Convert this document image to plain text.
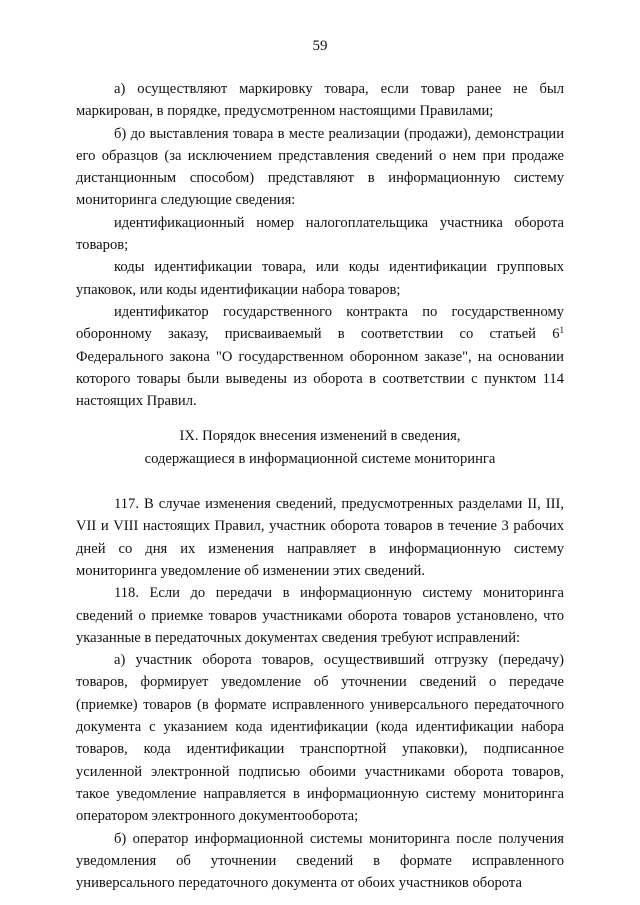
59

а) осуществляют маркировку товара, если товар ранее не был маркирован, в порядке, предусмотренном настоящими Правилами;

б) до выставления товара в месте реализации (продажи), демонстрации его образцов (за исключением представления сведений о нем при продаже дистанционным способом) представляют в информационную систему мониторинга следующие сведения:

идентификационный номер налогоплательщика участника оборота товаров;

коды идентификации товара, или коды идентификации групповых упаковок, или коды идентификации набора товаров;

идентификатор государственного контракта по государственному оборонному заказу, присваиваемый в соответствии со статьей $6^1$ Федерального закона "О государственном оборонном заказе", на основании которого товары были выведены из оборота в соответствии с пунктом 114 настоящих Правил.

IX. Порядок внесения изменений в сведения,
содержащиеся в информационной системе мониторинга

117. В случае изменения сведений, предусмотренных разделами II, III, VII и VIII настоящих Правил, участник оборота товаров в течение 3 рабочих дней со дня их изменения направляет в информационную систему мониторинга уведомление об изменении этих сведений.

118. Если до передачи в информационную систему мониторинга сведений о приемке товаров участниками оборота товаров установлено, что указанные в передаточных документах сведения требуют исправлений:

а) участник оборота товаров, осуществивший отгрузку (передачу) товаров, формирует уведомление об уточнении сведений о передаче (приемке) товаров (в формате исправленного универсального передаточного документа с указанием кода идентификации (кода идентификации набора товаров, кода идентификации транспортной упаковки), подписанное усиленной электронной подписью обоими участниками оборота товаров, такое уведомление направляется в информационную систему мониторинга оператором электронного документооборота;

б) оператор информационной системы мониторинга после получения уведомления об уточнении сведений в формате исправленного универсального передаточного документа от обоих участников оборота
